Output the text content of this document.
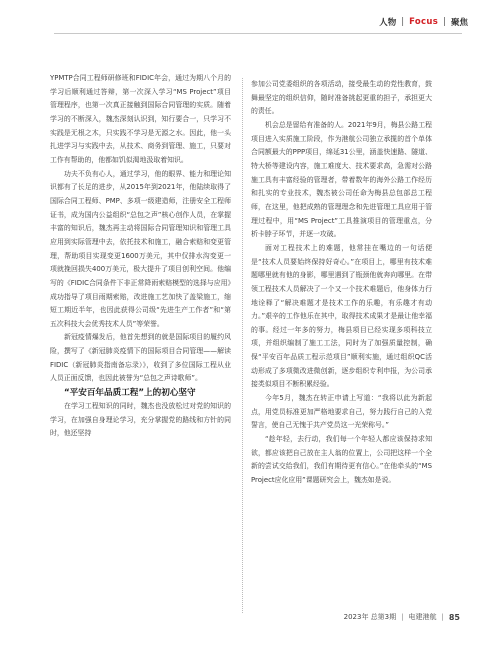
人物 | Focus | 聚焦

YPMTP合同工程师研修班和FIDIC年会，通过为期八个月的学习后顺利通过答辩，第一次深入学习“MS Project”项目管理程序，也第一次真正接触到国际合同管理的实质。随着学习的不断深入，魏杰深刻认识到，知行要合一，只学习不实践是无根之木，只实践不学习是无源之水。因此，他一头扎进学习与实践中去，从技术、商务到管理、施工，只要对工作有帮助的，他都如饥似渴地汲取着知识。

功夫不负有心人，通过学习，他的眼界、能力和理论知识都有了长足的进步，从2015年到2021年，他陆续取得了国际合同工程师、PMP、多项一级建造师，注册安全工程师证书，成为国内公益组织“总包之声”核心创作人员，在掌握丰富的知识后，魏杰再主动将国际合同管理知识和管理工具应用到实际管理中去，依托技术和施工，融合索赔和变更管理，帮助项目实现变更1600万美元，其中仅排水沟变更一项就挽回损失400万美元，极大提升了项目创利空间。他编写的《FIDIC合同条件下非正常降雨索赔模型的选择与应用》成功指导了项目雨期索赔，改进施工艺加快了盖梁施工，缩短工期近半年，也因此获得公司级“先进生产工作者”和“第五次科技大会优秀技术人员”等荣誉。

新冠疫情爆发后，他首先想到的就是国际项目的履约风险，撰写了《新冠肺炎疫情下的国际项目合同管理——解读FIDIC（新冠肺炎指南备忘录）》，收到了多位国际工程从业人员正面反馈，也因此被誉为“总包之声诗歌师”。

“平安百年品质工程”上的初心坚守

在学习工程知识的同时，魏杰也没放松过对党的知识的学习，在加强自身理论学习，充分掌握党的路线和方针的同时，他还坚持

参加公司党委组织的各项活动，接受最生动的党性教育，鼓舞最坚定的组织信仰，随时准备挑起更重的担子，承担更大的责任。

机会总是留给有准备的人。2021年9月，梅县公路工程项目进入实质施工阶段，作为港航公司独立承揽的首个单体合同额最大的PPP项目，绵延31公里，涵盖快速路、隧道、特大桥等建设内容，施工难度大、技术要求高，急需对公路施工具有丰富经验的管理者，带着数年的海外公路工作经历和扎实的专业技术，魏杰被公司任命为梅县总包部总工程师，在这里，他把成熟的管理理念和先进管理工具应用于管理过程中，用“MS Project”工具推演项目的管理重点，分析卡脖子环节，并逐一攻破。

面对工程技术上的难题，他常挂在嘴边的一句话便是“技术人员要始终保持好奇心。”在项目上，哪里有技术难题哪里就有他的身影，哪里遇到了瓶颈他就奔向哪里。在带领工程技术人员解决了一个又一个技术难题后，他身体力行地诠释了“解决难题才是技术工作的乐趣，有乐趣才有动力。”艰辛的工作他乐在其中，取得技术成果才是最让他幸福的事。经过一年多的努力，梅县项目已经实现多项科技立项，并组织编制了施工工法，同时为了加强质量控制，确保“平安百年品质工程示范项目”顺利实施，通过组织QC活动形成了多项微改进微创新，逐步组织专利申报，为公司承接类似项目不断积累经验。

今年5月，魏杰在转正申请上写道：“我将以此为新起点，用党员标准更加严格地要求自己，努力践行自己的入党誓言，使自己无愧于共产党员这一光荣称号。”

“趁年轻，去行动，我们每一个年轻人都应该保持求知欲，都应该把自己放在主人翁的位置上，公司把这样一个全新的尝试交给我们，我们有期待更有信心。”在他牵头的“MS Project应化应用”课题研究会上，魏杰如是说。

2023年 总第3期 | 电建港航 | 85
